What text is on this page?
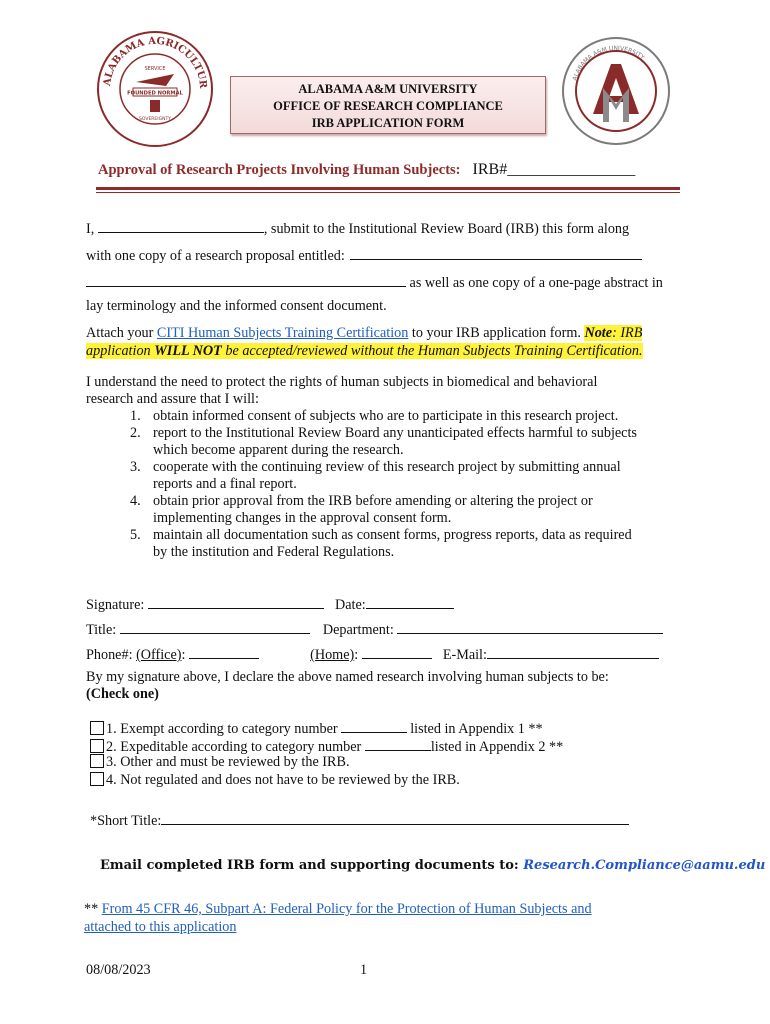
ALABAMA AGRICULTUR
SERVICE
FOUNDED NORMAL
SOVEREIGNTY
ALABAMA A&M UNIVERSITY
OFFICE OF RESEARCH COMPLIANCE
IRB APPLICATION FORM
ALABAMA A&M UNIVERSITY
Approval of Research Projects Involving Human Subjects: IRB#________________
I,	, submit to the Institutional Review Board (IRB) this form along
with one copy of a research proposal entitled:
as well as one copy of a one-page abstract in
lay terminology and the informed consent document.
Attach your CITI Human Subjects Training Certification to your IRB application form. Note: IRB
application WILL NOT be accepted/reviewed without the Human Subjects Training Certification.
I understand the need to protect the rights of human subjects in biomedical and behavioral
research and assure that I will:
1. obtain informed consent of subjects who are to participate in this research project.
2. report to the Institutional Review Board any unanticipated effects harmful to subjects
which become apparent during the research.
3. cooperate with the continuing review of this research project by submitting annual
reports and a final report.
4. obtain prior approval from the IRB before amending or altering the project or
implementing changes in the approval consent form.
5. maintain all documentation such as consent forms, progress reports, data as required
by the institution and Federal Regulations.
Signature:	Date:
Title:	Department:
Phone#: (Office):	(Home):	E-Mail:
By my signature above, I declare the above named research involving human subjects to be:
(Check one)
1. Exempt according to category number	listed in Appendix 1 **
2. Expeditable according to category number	listed in Appendix 2 **
3. Other and must be reviewed by the IRB.
4. Not regulated and does not have to be reviewed by the IRB.
*Short Title:
Email completed IRB form and supporting documents to: Research.Compliance@aamu.edu
** From 45 CFR 46, Subpart A: Federal Policy for the Protection of Human Subjects and
attached to this application
08/08/2023	1
